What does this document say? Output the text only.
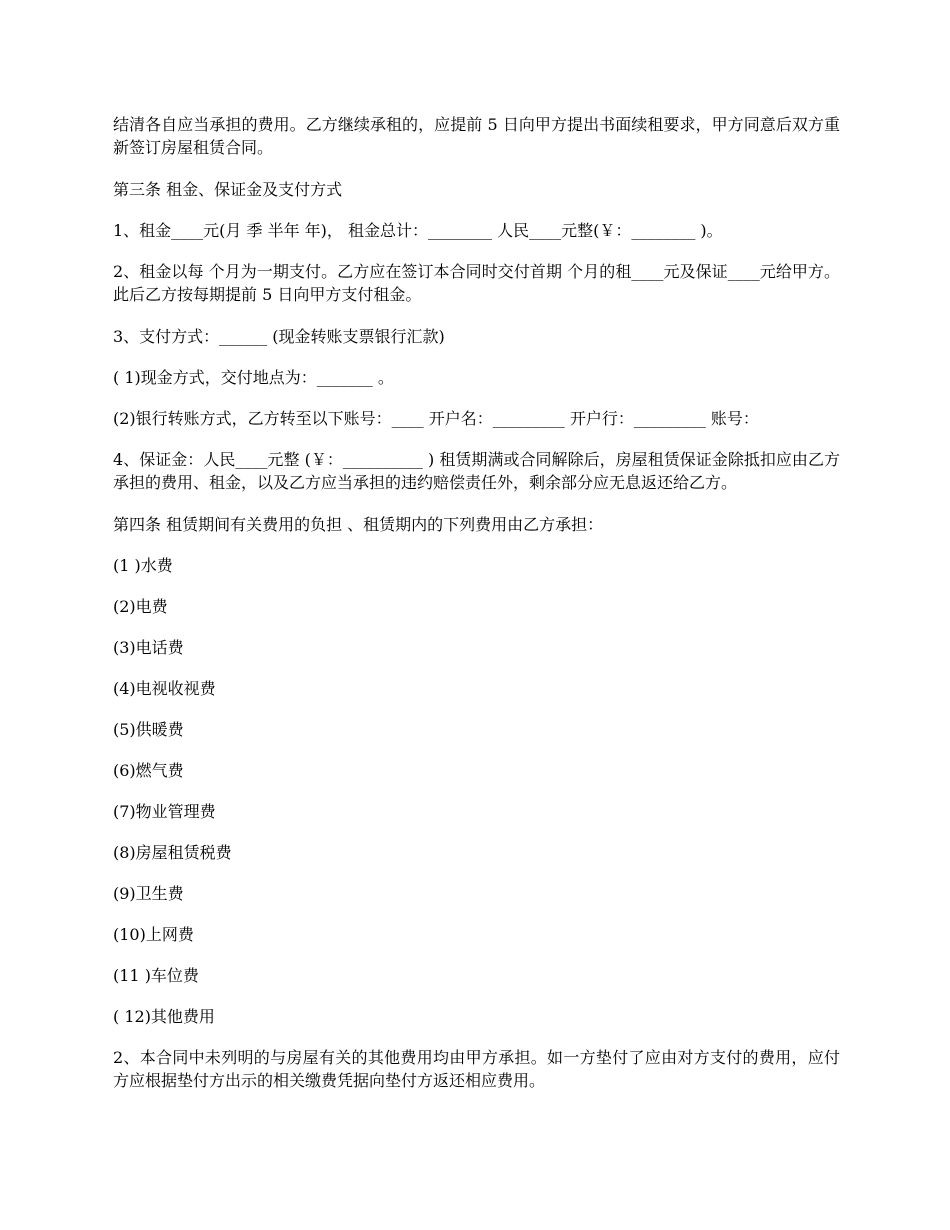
结清各自应当承担的费用。乙方继续承租的，应提前 5 日向甲方提出书面续租要求，甲方同意后双方重新签订房屋租赁合同。

第三条 租金、保证金及支付方式

1、租金____元(月 季 半年 年)， 租金总计：________ 人民____元整(￥：________ )。

2、租金以每 个月为一期支付。乙方应在签订本合同时交付首期 个月的租____元及保证____元给甲方。此后乙方按每期提前 5 日向甲方支付租金。

3、支付方式：______ (现金转账支票银行汇款)

( 1)现金方式，交付地点为：_______ 。

(2)银行转账方式，乙方转至以下账号：____ 开户名：_________ 开户行：_________ 账号：

4、保证金：人民____元整 (￥：__________ ) 租赁期满或合同解除后，房屋租赁保证金除抵扣应由乙方承担的费用、租金，以及乙方应当承担的违约赔偿责任外，剩余部分应无息返还给乙方。

第四条 租赁期间有关费用的负担 、租赁期内的下列费用由乙方承担：

(1 )水费

(2)电费

(3)电话费

(4)电视收视费

(5)供暖费

(6)燃气费

(7)物业管理费

(8)房屋租赁税费

(9)卫生费

(10)上网费

(11 )车位费

( 12)其他费用

2、本合同中未列明的与房屋有关的其他费用均由甲方承担。如一方垫付了应由对方支付的费用，应付方应根据垫付方出示的相关缴费凭据向垫付方返还相应费用。
